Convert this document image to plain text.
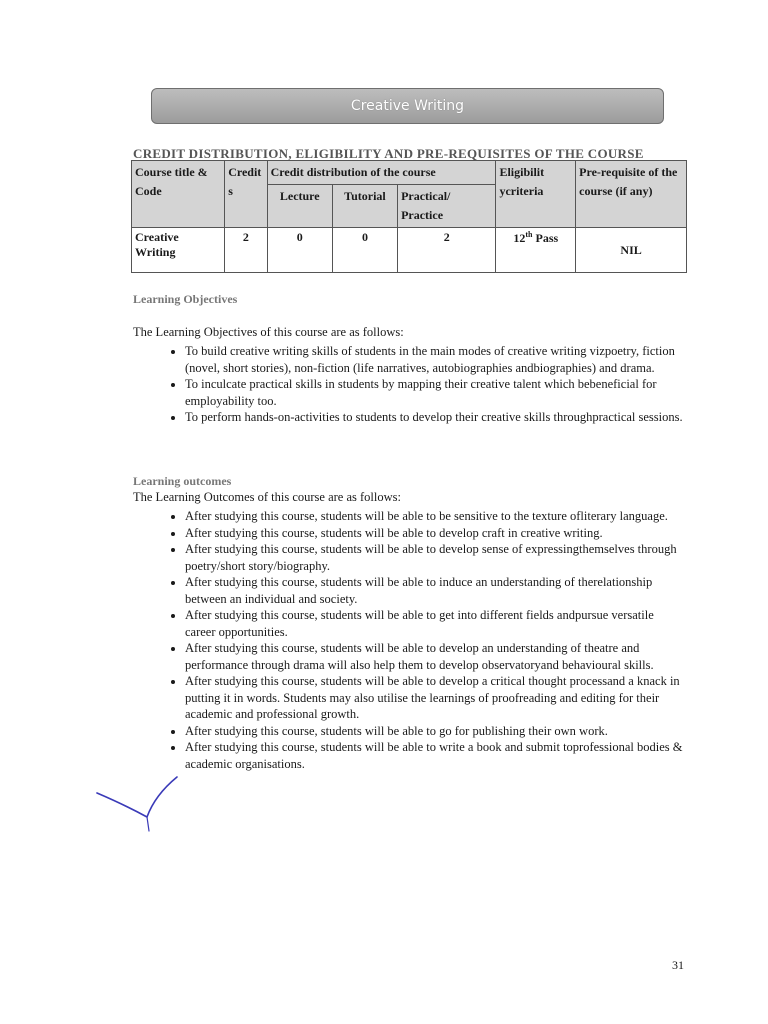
Creative Writing
CREDIT DISTRIBUTION, ELIGIBILITY AND PRE-REQUISITES OF THE COURSE
Course title & Code	Credit s	Credit distribution of the course			Eligibilit ycriteria	Pre-requisite of the course (if any)
		Lecture	Tutorial	Practical/ Practice		
Creative Writing	2	0	0	2	12th Pass	NIL
Learning Objectives
The Learning Objectives of this course are as follows:
• To build creative writing skills of students in the main modes of creative writing vizpoetry, fiction (novel, short stories), non-fiction (life narratives, autobiographies andbiographies) and drama.
• To inculcate practical skills in students by mapping their creative talent which bebeneficial for employability too.
• To perform hands-on-activities to students to develop their creative skills throughpractical sessions.
Learning outcomes
The Learning Outcomes of this course are as follows:
• After studying this course, students will be able to be sensitive to the texture ofliterary language.
• After studying this course, students will be able to develop craft in creative writing.
• After studying this course, students will be able to develop sense of expressingthemselves through poetry/short story/biography.
• After studying this course, students will be able to induce an understanding of therelationship between an individual and society.
• After studying this course, students will be able to get into different fields andpursue versatile career opportunities.
• After studying this course, students will be able to develop an understanding of theatre and performance through drama will also help them to develop observatoryand behavioural skills.
• After studying this course, students will be able to develop a critical thought processand a knack in putting it in words. Students may also utilise the learnings of proofreading and editing for their academic and professional growth.
• After studying this course, students will be able to go for publishing their own work.
• After studying this course, students will be able to write a book and submit toprofessional bodies & academic organisations.
31
